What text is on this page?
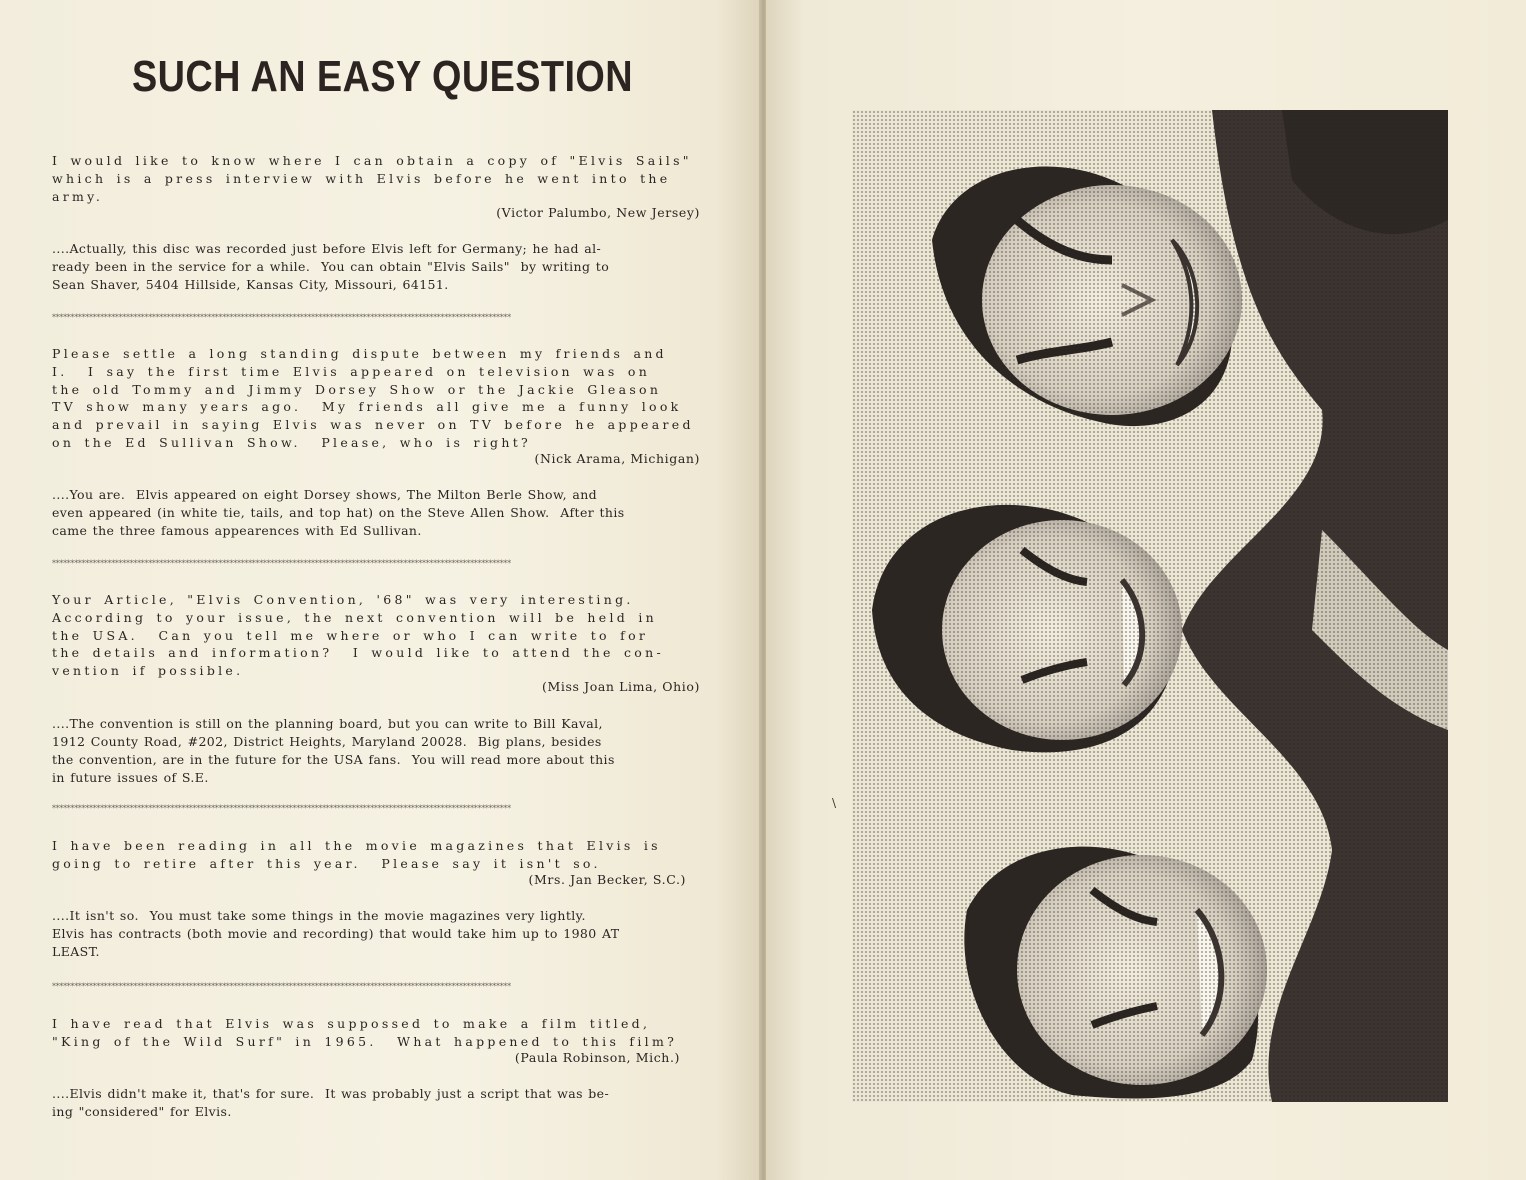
SUCH AN EASY QUESTION

I would like to know where I can obtain a copy of "Elvis Sails"
which is a press interview with Elvis before he went into the
army.

(Victor Palumbo, New Jersey)

....Actually, this disc was recorded just before Elvis left for Germany; he had al-
ready been in the service for a while.  You can obtain "Elvis Sails"  by writing to
Sean Shaver, 5404 Hillside, Kansas City, Missouri, 64151.

****************************************************************************************************************************

Please settle a long standing dispute between my friends and
I.  I say the first time Elvis appeared on television was on
the old Tommy and Jimmy Dorsey Show or the Jackie Gleason
TV show many years ago.  My friends all give me a funny look
and prevail in saying Elvis was never on TV before he appeared
on the Ed Sullivan Show.  Please, who is right?

(Nick Arama, Michigan)

....You are.  Elvis appeared on eight Dorsey shows, The Milton Berle Show, and
even appeared (in white tie, tails, and top hat) on the Steve Allen Show.  After this
came the three famous appearences with Ed Sullivan.

****************************************************************************************************************************

Your Article, "Elvis Convention, '68" was very interesting.
According to your issue, the next convention will be held in
the USA.  Can you tell me where or who I can write to for
the details and information?  I would like to attend the con-
vention if possible.

(Miss Joan Lima, Ohio)

....The convention is still on the planning board, but you can write to Bill Kaval,
1912 County Road, #202, District Heights, Maryland 20028.  Big plans, besides
the convention, are in the future for the USA fans.  You will read more about this
in future issues of S.E.

****************************************************************************************************************************

I have been reading in all the movie magazines that Elvis is
going to retire after this year.  Please say it isn't so.

(Mrs. Jan Becker, S.C.)

....It isn't so.  You must take some things in the movie magazines very lightly.
Elvis has contracts (both movie and recording) that would take him up to 1980 AT
LEAST.

****************************************************************************************************************************

I have read that Elvis was suppossed to make a film titled,
"King of the Wild Surf" in 1965.  What happened to this film?

(Paula Robinson, Mich.)

....Elvis didn't make it, that's for sure.  It was probably just a script that was be-
ing "considered" for Elvis.

\
